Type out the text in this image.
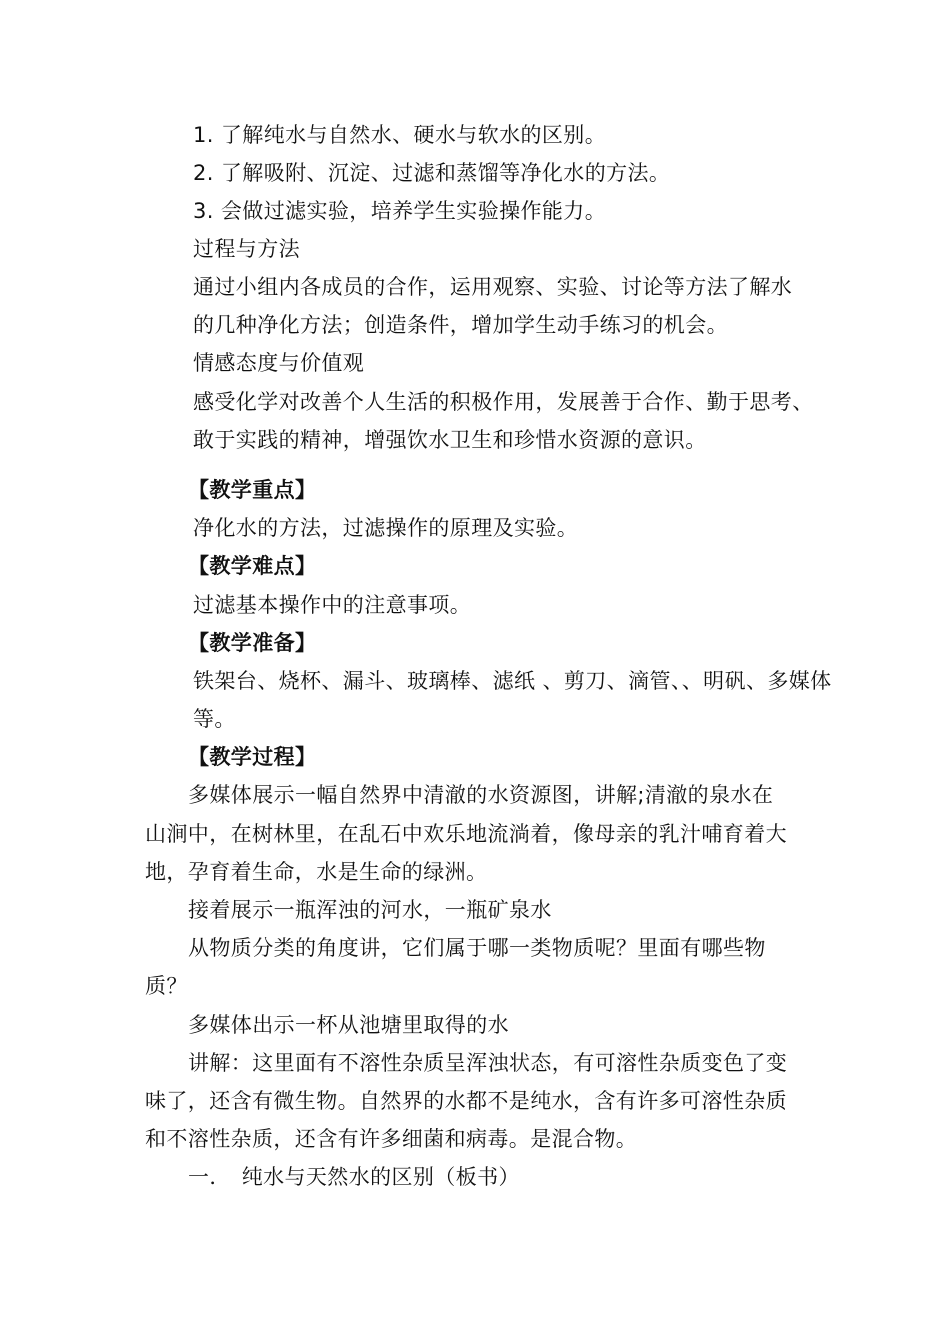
1. 了解纯水与自然水、硬水与软水的区别。

2. 了解吸附、沉淀、过滤和蒸馏等净化水的方法。

3. 会做过滤实验，培养学生实验操作能力。

过程与方法

通过小组内各成员的合作，运用观察、实验、讨论等方法了解水

的几种净化方法；创造条件，增加学生动手练习的机会。

情感态度与价值观

感受化学对改善个人生活的积极作用，发展善于合作、勤于思考、

敢于实践的精神，增强饮水卫生和珍惜水资源的意识。

【教学重点】

净化水的方法，过滤操作的原理及实验。

【教学难点】

过滤基本操作中的注意事项。

【教学准备】

铁架台、烧杯、漏斗、玻璃棒、滤纸 、剪刀、滴管、、明矾、多媒体

等。

【教学过程】

多媒体展示一幅自然界中清澈的水资源图，讲解;清澈的泉水在

山涧中，在树林里，在乱石中欢乐地流淌着，像母亲的乳汁哺育着大

地，孕育着生命，水是生命的绿洲。

接着展示一瓶浑浊的河水，一瓶矿泉水

从物质分类的角度讲，它们属于哪一类物质呢？里面有哪些物

质？

多媒体出示一杯从池塘里取得的水

讲解：这里面有不溶性杂质呈浑浊状态，有可溶性杂质变色了变

味了，还含有微生物。自然界的水都不是纯水，含有许多可溶性杂质

和不溶性杂质，还含有许多细菌和病毒。是混合物。

一．　纯水与天然水的区别（板书）
